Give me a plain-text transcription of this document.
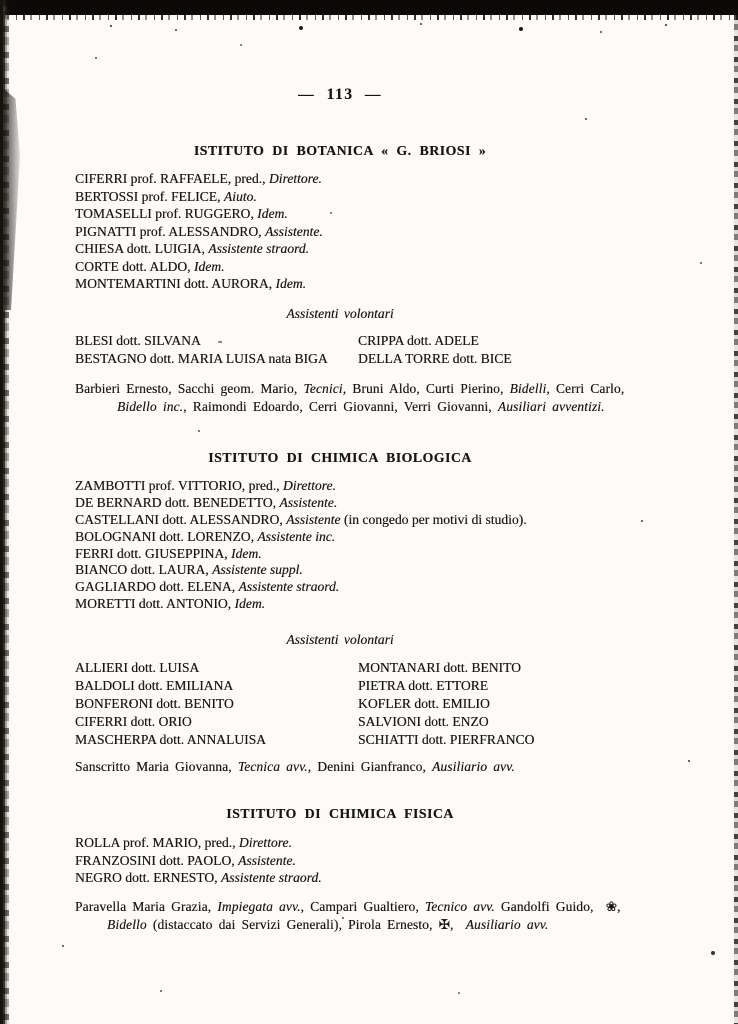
— 113 —
ISTITUTO DI BOTANICA « G. BRIOSI »
CIFERRI prof. RAFFAELE, pred., Direttore.
BERTOSSI prof. FELICE, Aiuto.
TOMASELLI prof. RUGGERO, Idem.
PIGNATTI prof. ALESSANDRO, Assistente.
CHIESA dott. LUIGIA, Assistente straord.
CORTE dott. ALDO, Idem.
MONTEMARTINI dott. AURORA, Idem.
Assistenti volontari
BLESI dott. SILVANA     -
BESTAGNO dott. MARIA LUISA nata BIGA
CRIPPA dott. ADELE
DELLA TORRE dott. BICE
Barbieri Ernesto, Sacchi geom. Mario, Tecnici, Bruni Aldo, Curti Pierino, Bidelli, Cerri Carlo,
Bidello inc., Raimondi Edoardo, Cerri Giovanni, Verri Giovanni, Ausiliari avventizi.
ISTITUTO DI CHIMICA BIOLOGICA
ZAMBOTTI prof. VITTORIO, pred., Direttore.
DE BERNARD dott. BENEDETTO, Assistente.
CASTELLANI dott. ALESSANDRO, Assistente (in congedo per motivi di studio).
BOLOGNANI dott. LORENZO, Assistente inc.
FERRI dott. GIUSEPPINA, Idem.
BIANCO dott. LAURA, Assistente suppl.
GAGLIARDO dott. ELENA, Assistente straord.
MORETTI dott. ANTONIO, Idem.
Assistenti volontari
ALLIERI dott. LUISA
BALDOLI dott. EMILIANA
BONFERONI dott. BENITO
CIFERRI dott. ORIO
MASCHERPA dott. ANNALUISA
MONTANARI dott. BENITO
PIETRA dott. ETTORE
KOFLER dott. EMILIO
SALVIONI dott. ENZO
SCHIATTI dott. PIERFRANCO
Sanscritto Maria Giovanna, Tecnica avv., Denini Gianfranco, Ausiliario avv.
ISTITUTO DI CHIMICA FISICA
ROLLA prof. MARIO, pred., Direttore.
FRANZOSINI dott. PAOLO, Assistente.
NEGRO dott. ERNESTO, Assistente straord.
Paravella Maria Grazia, Impiegata avv., Campari Gualtiero, Tecnico avv. Gandolfi Guido,  ❀,
Bidello (distaccato dai Servizi Generali), Pirola Ernesto, ✠,  Ausiliario avv.
